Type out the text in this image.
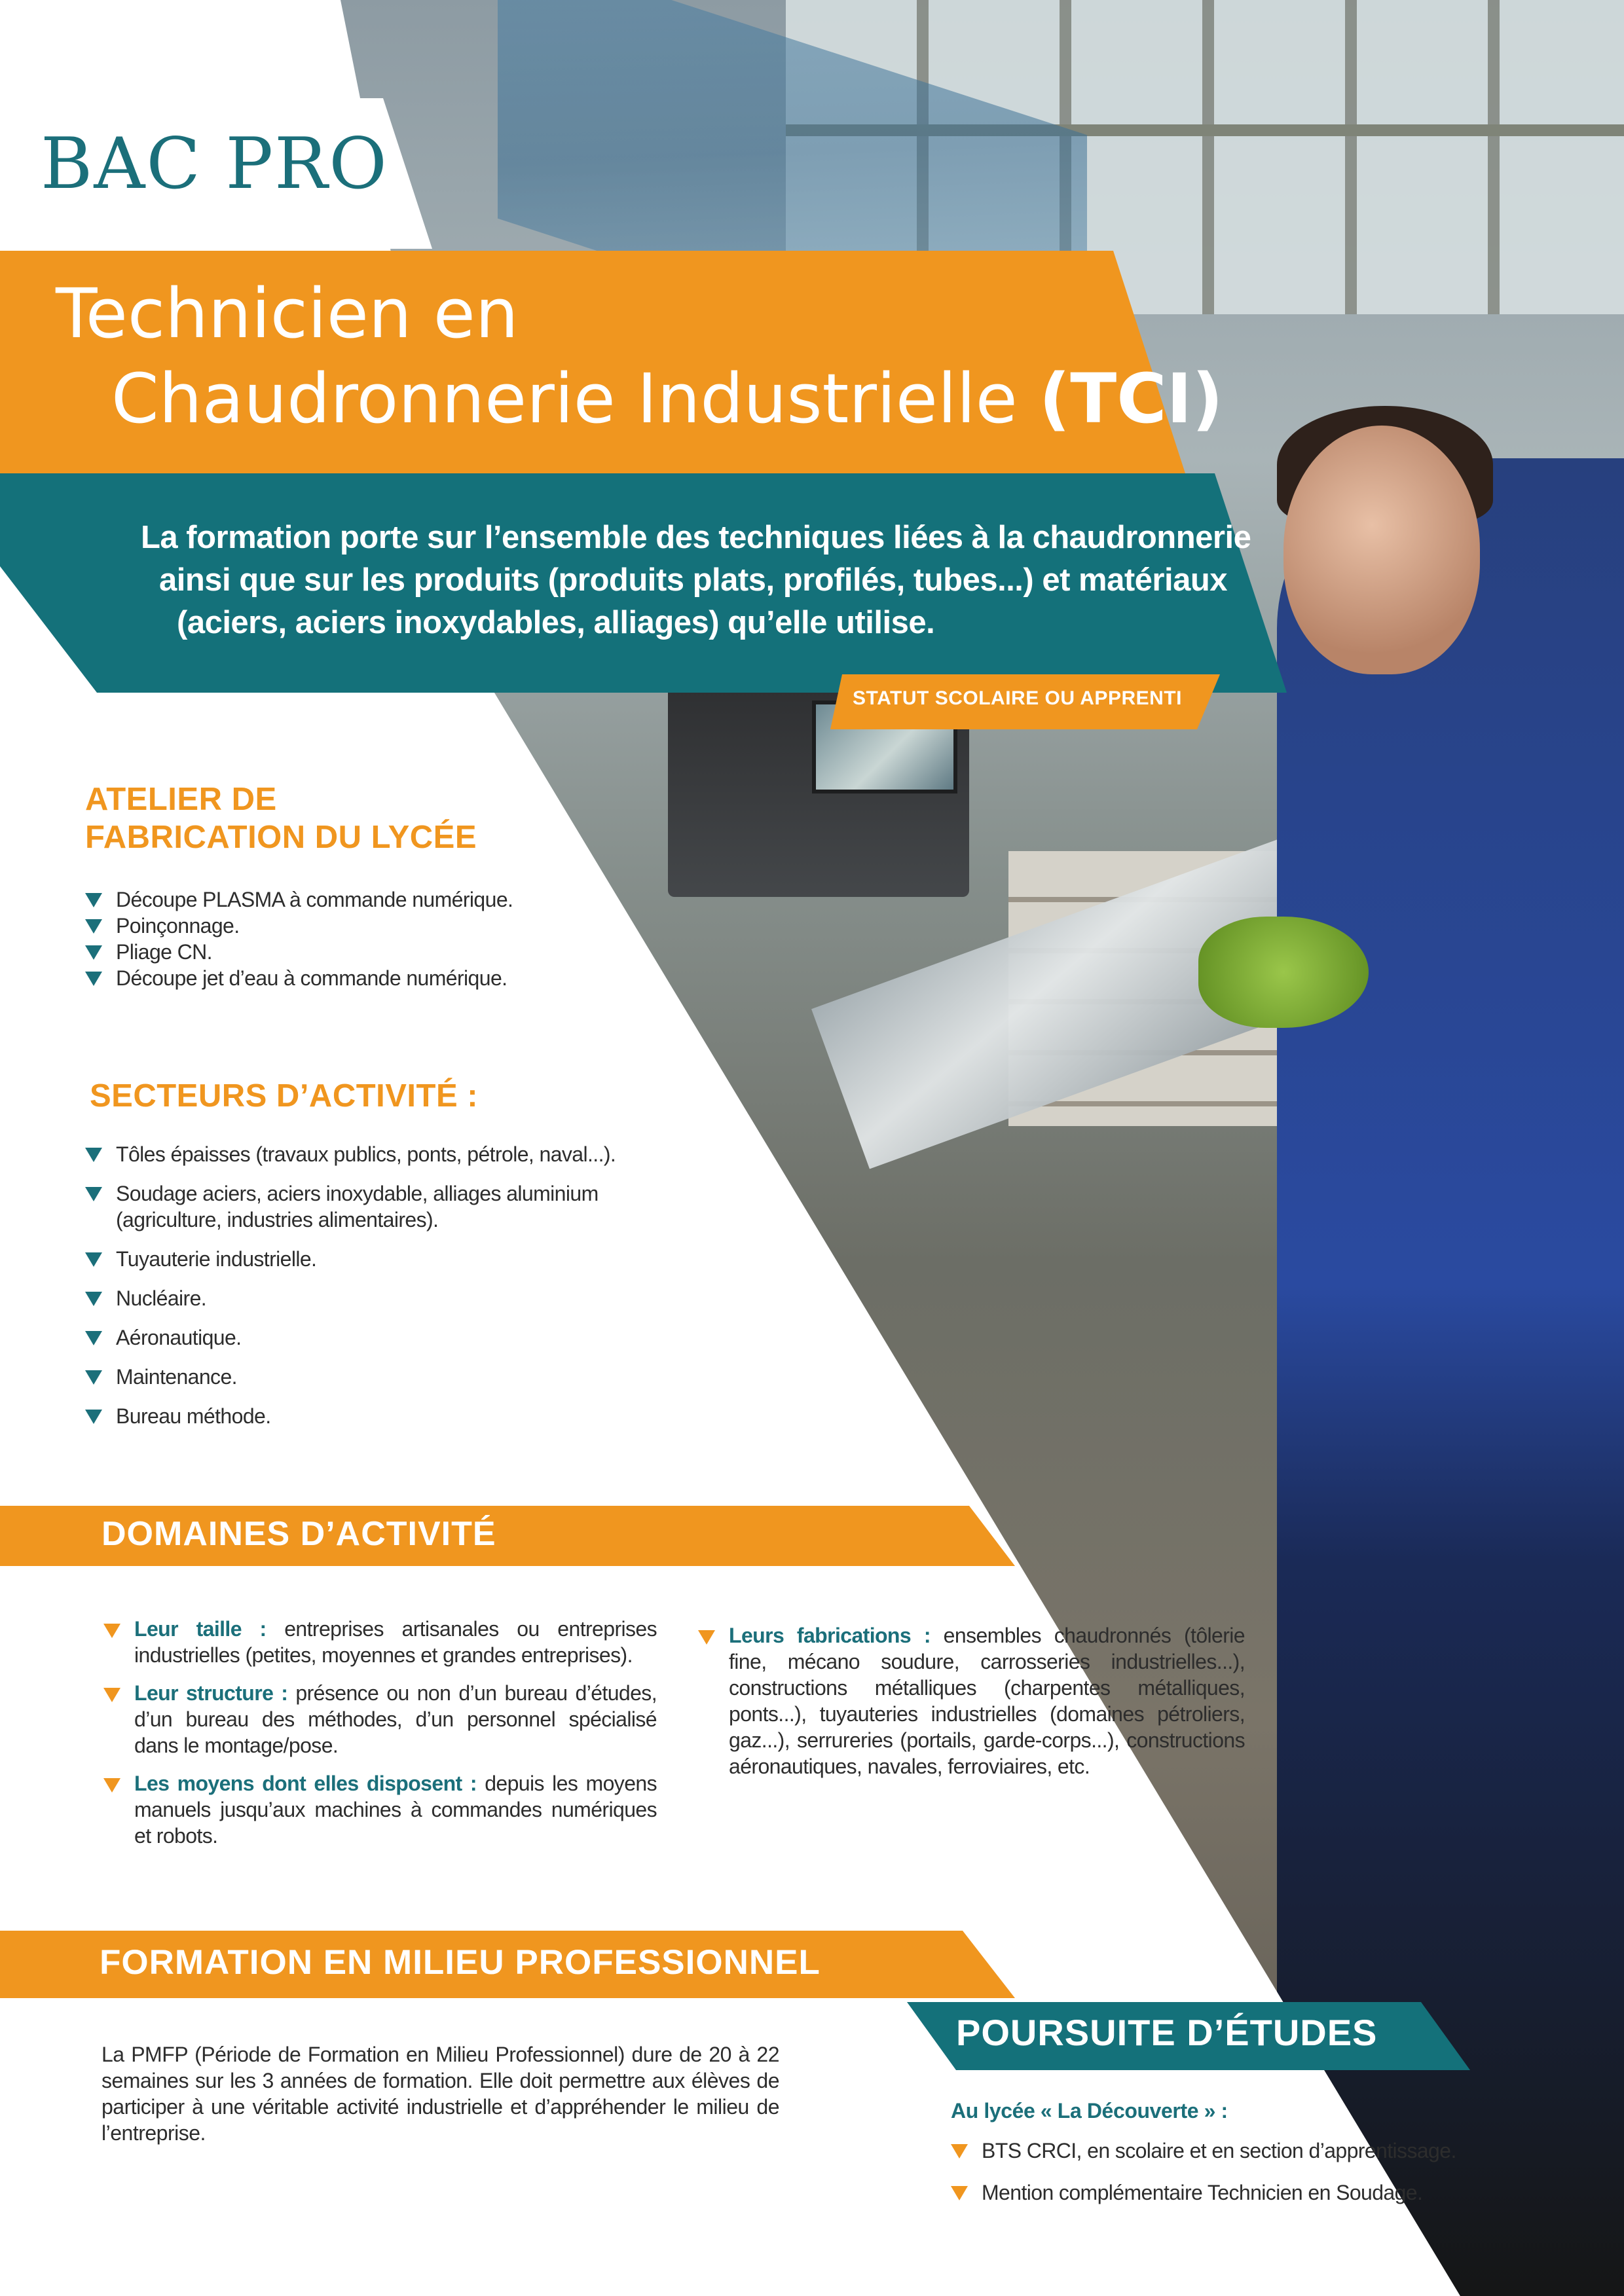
BAC PRO
Technicien en
Chaudronnerie Industrielle (TCI)
La formation porte sur l’ensemble des techniques liées à la chaudronnerie
ainsi que sur les produits (produits plats, profilés, tubes...) et matériaux
(aciers, aciers inoxydables, alliages) qu’elle utilise.
STATUT SCOLAIRE OU APPRENTI
ATELIER DE
FABRICATION DU LYCÉE
Découpe PLASMA à commande numérique.
Poinçonnage.
Pliage CN.
Découpe jet d’eau à commande numérique.
SECTEURS D’ACTIVITÉ :
Tôles épaisses (travaux publics, ponts, pétrole, naval...).
Soudage aciers, aciers inoxydable, alliages aluminium (agriculture, industries alimentaires).
Tuyauterie industrielle.
Nucléaire.
Aéronautique.
Maintenance.
Bureau méthode.
DOMAINES D’ACTIVITÉ
Leur taille : entreprises artisanales ou entreprises industrielles (petites, moyennes et grandes entreprises).
Leur structure : présence ou non d’un bureau d’études, d’un bureau des méthodes, d’un personnel spécialisé dans le montage/pose.
Les moyens dont elles disposent : depuis les moyens manuels jusqu’aux machines à commandes numériques et robots.
Leurs fabrications : ensembles chaudronnés (tôlerie fine, mécano soudure, carrosseries industrielles...), constructions métalliques (charpentes métalliques, ponts...), tuyauteries industrielles (domaines pétroliers, gaz...), serrureries (portails, garde-corps...), constructions aéronautiques, navales, ferroviaires, etc.
FORMATION EN MILIEU PROFESSIONNEL

La PMFP (Période de Formation en Milieu Professionnel) dure de 20 à 22 semaines sur les 3 années de formation. Elle doit permettre aux élèves de participer à une véritable activité industrielle et d’appréhender le milieu de l’entreprise.

POURSUITE D’ÉTUDES

Au lycée « La Découverte » :

BTS CRCI, en scolaire et en section d’apprentissage.
Mention complémentaire Technicien en Soudage.
